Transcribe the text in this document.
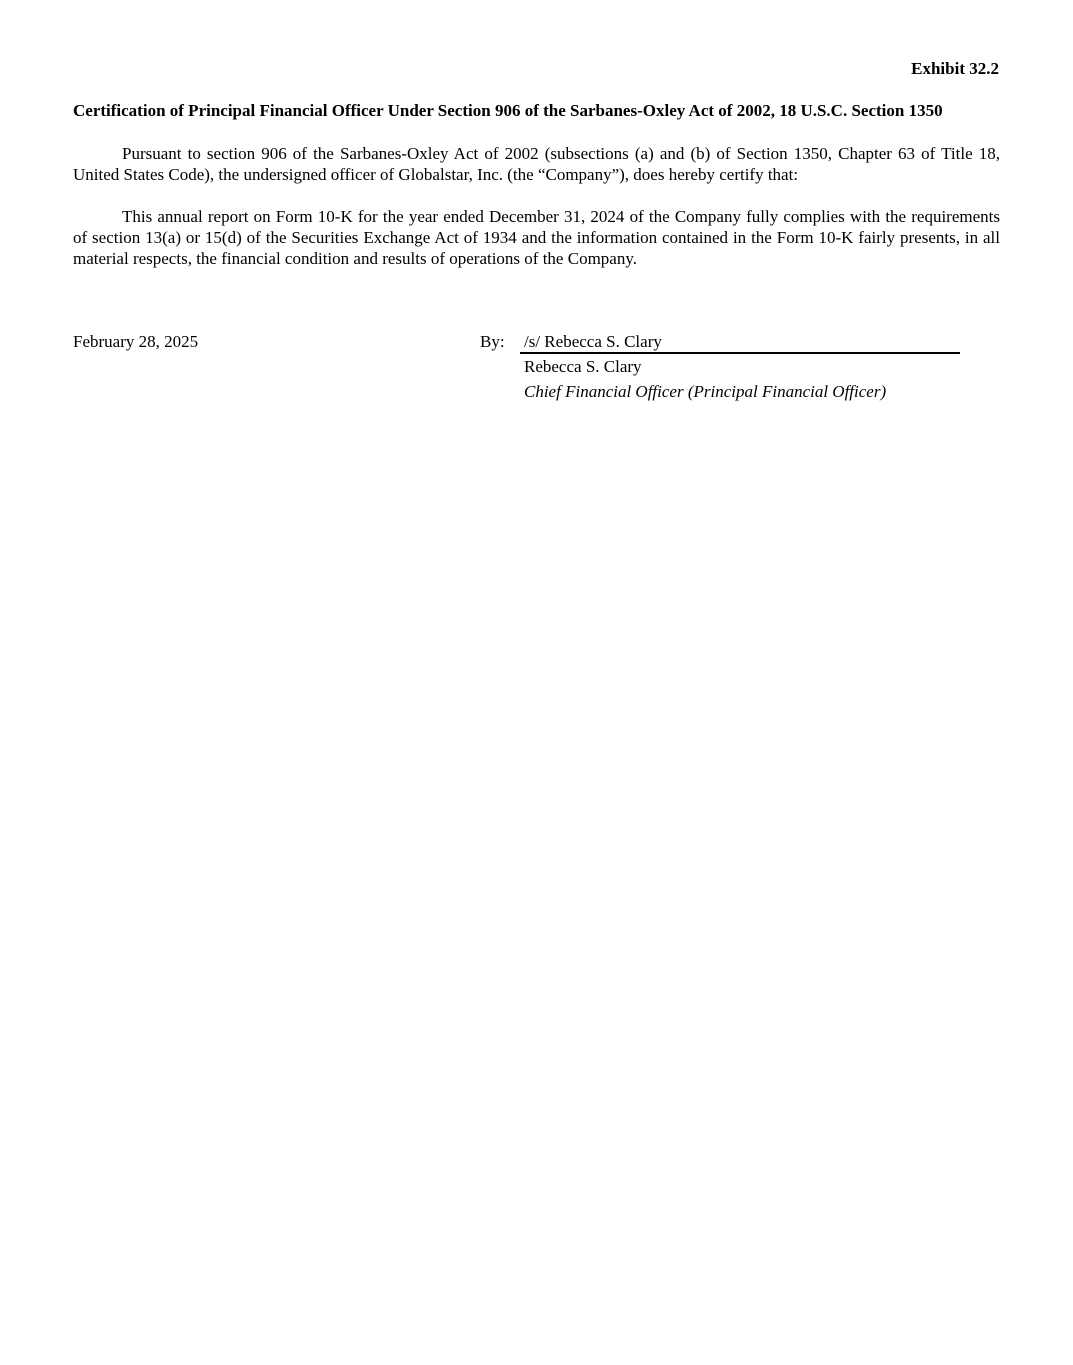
Exhibit 32.2
Certification of Principal Financial Officer Under Section 906 of the Sarbanes-Oxley Act of 2002, 18 U.S.C. Section 1350

Pursuant to section 906 of the Sarbanes-Oxley Act of 2002 (subsections (a) and (b) of Section 1350, Chapter 63 of Title 18, United States Code), the undersigned officer of Globalstar, Inc. (the “Company”), does hereby certify that:

This annual report on Form 10-K for the year ended December 31, 2024 of the Company fully complies with the requirements of section 13(a) or 15(d) of the Securities Exchange Act of 1934 and the information contained in the Form 10-K fairly presents, in all material respects, the financial condition and results of operations of the Company.

February 28, 2025	By: /s/ Rebecca S. Clary
Rebecca S. Clary
Chief Financial Officer (Principal Financial Officer)
